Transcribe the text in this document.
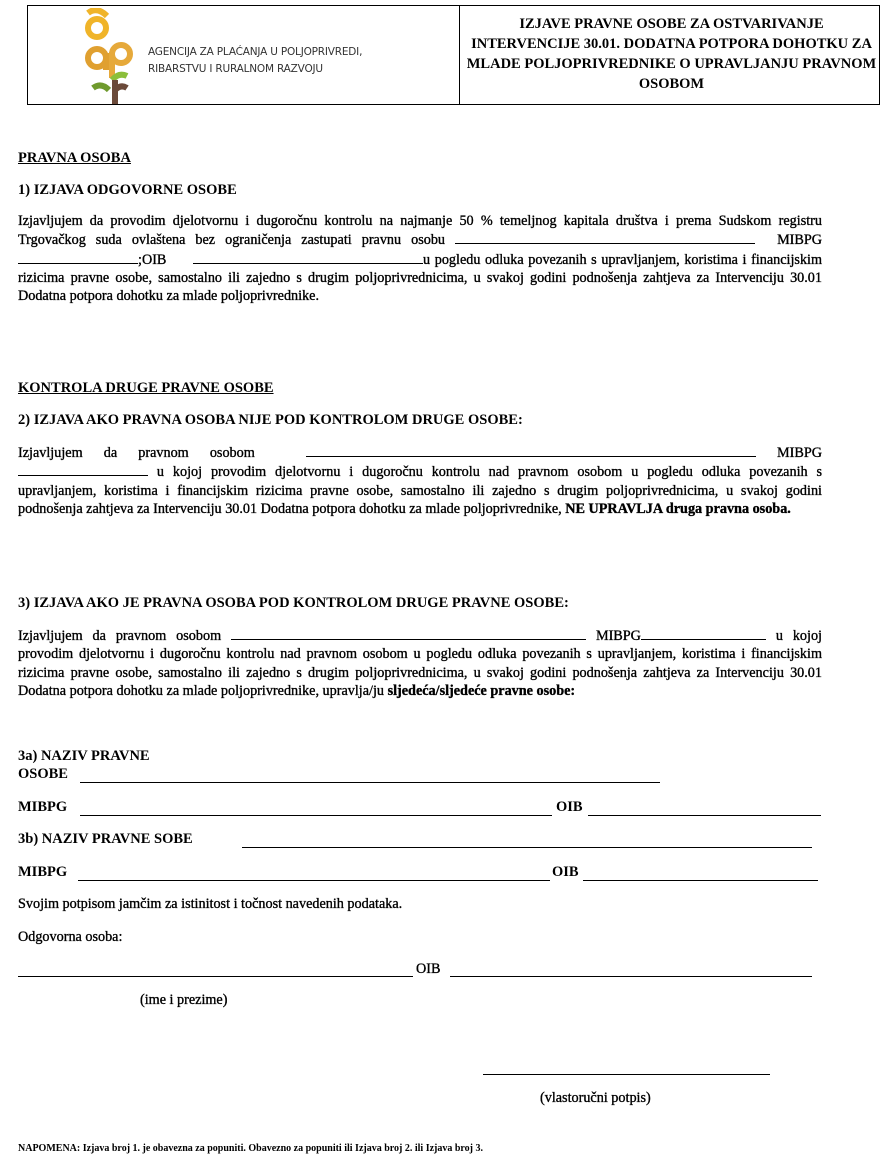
AGENCIJA ZA PLAĆANJA U POLJOPRIVREDI,
RIBARSTVU I RURALNOM RAZVOJU
IZJAVE PRAVNE OSOBE ZA OSTVARIVANJE INTERVENCIJE 30.01. DODATNA POTPORA DOHOTKU ZA MLADE POLJOPRIVREDNIKE O UPRAVLJANJU PRAVNOM OSOBOM
PRAVNA OSOBA
1) IZJAVA ODGOVORNE OSOBE
Izjavljujem da provodim djelotvornu i dugoročnu kontrolu na najmanje 50 % temeljnog kapitala društva i prema Sudskom registru Trgovačkog suda ovlaštena bez ograničenja zastupati pravnu osobu	MIBPG;OIB	u pogledu odluka povezanih s upravljanjem, koristima i financijskim rizicima pravne osobe, samostalno ili zajedno s drugim poljoprivrednicima, u svakoj godini podnošenja zahtjeva za Intervenciju 30.01 Dodatna potpora dohotku za mlade poljoprivrednike.
KONTROLA DRUGE PRAVNE OSOBE
2) IZJAVA AKO PRAVNA OSOBA NIJE POD KONTROLOM DRUGE OSOBE:
Izjavljujem da pravnom osobom	MIBPG u kojoj provodim djelotvornu i dugoročnu kontrolu nad pravnom osobom u pogledu odluka povezanih s upravljanjem, koristima i financijskim rizicima pravne osobe, samostalno ili zajedno s drugim poljoprivrednicima, u svakoj godini podnošenja zahtjeva za Intervenciju 30.01 Dodatna potpora dohotku za mlade poljoprivrednike, NE UPRAVLJA druga pravna osoba.
3) IZJAVA AKO JE PRAVNA OSOBA POD KONTROLOM DRUGE PRAVNE OSOBE:
Izjavljujem da pravnom osobom	MIBPG	u kojoj provodim djelotvornu i dugoročnu kontrolu nad pravnom osobom u pogledu odluka povezanih s upravljanjem, koristima i financijskim rizicima pravne osobe, samostalno ili zajedno s drugim poljoprivrednicima, u svakoj godini podnošenja zahtjeva za Intervenciju 30.01 Dodatna potpora dohotku za mlade poljoprivrednike, upravlja/ju sljedeća/sljedeće pravne osobe:
3a) NAZIV PRAVNE
OSOBE
MIBPG	OIB
3b) NAZIV PRAVNE SOBE
MIBPG	OIB
Svojim potpisom jamčim za istinitost i točnost navedenih podataka.
Odgovorna osoba:
OIB
(ime i prezime)
(vlastoručni potpis)
NAPOMENA: Izjava broj 1. je obavezna za popuniti. Obavezno za popuniti ili Izjava broj 2. ili Izjava broj 3.
